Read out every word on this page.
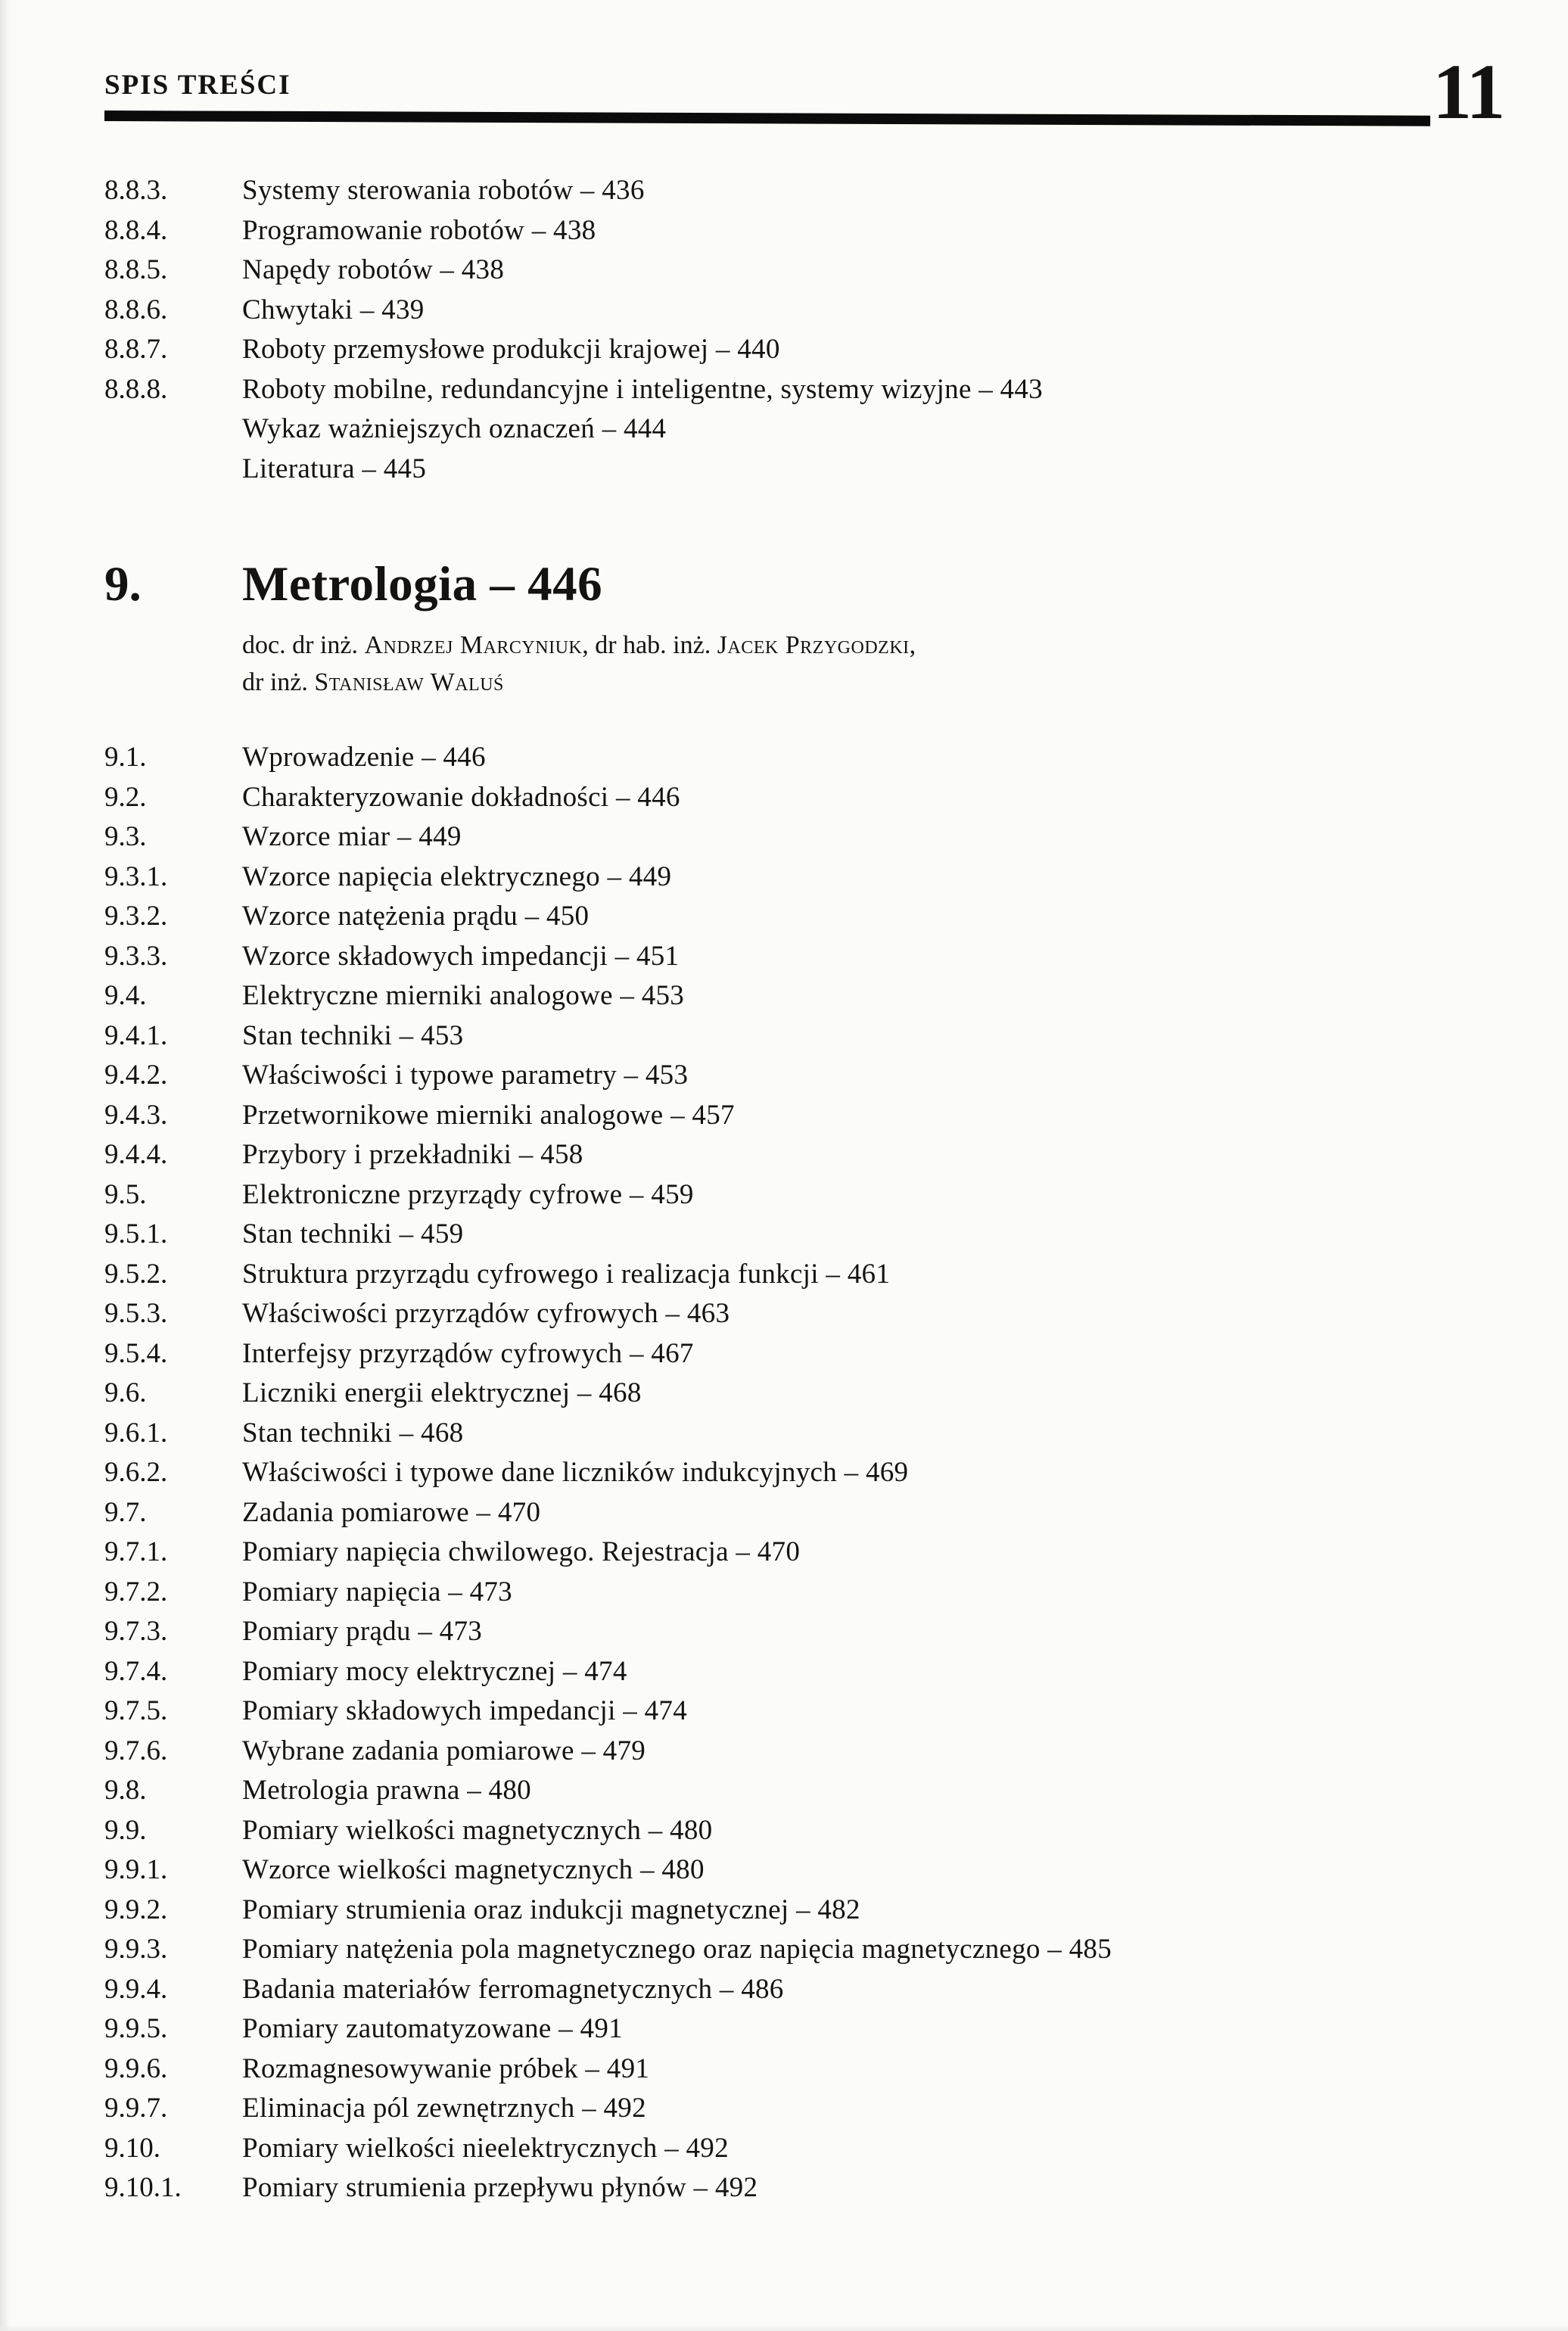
SPIS TREŚCI	11
8.8.3.	Systemy sterowania robotów – 436
8.8.4.	Programowanie robotów – 438
8.8.5.	Napędy robotów – 438
8.8.6.	Chwytaki – 439
8.8.7.	Roboty przemysłowe produkcji krajowej – 440
8.8.8.	Roboty mobilne, redundancyjne i inteligentne, systemy wizyjne – 443
Wykaz ważniejszych oznaczeń – 444
Literatura – 445
9.	Metrologia – 446
doc. dr inż. Andrzej Marcyniuk, dr hab. inż. Jacek Przygodzki,
dr inż. Stanisław Waluś
9.1.	Wprowadzenie – 446
9.2.	Charakteryzowanie dokładności – 446
9.3.	Wzorce miar – 449
9.3.1.	Wzorce napięcia elektrycznego – 449
9.3.2.	Wzorce natężenia prądu – 450
9.3.3.	Wzorce składowych impedancji – 451
9.4.	Elektryczne mierniki analogowe – 453
9.4.1.	Stan techniki – 453
9.4.2.	Właściwości i typowe parametry – 453
9.4.3.	Przetwornikowe mierniki analogowe – 457
9.4.4.	Przybory i przekładniki – 458
9.5.	Elektroniczne przyrządy cyfrowe – 459
9.5.1.	Stan techniki – 459
9.5.2.	Struktura przyrządu cyfrowego i realizacja funkcji – 461
9.5.3.	Właściwości przyrządów cyfrowych – 463
9.5.4.	Interfejsy przyrządów cyfrowych – 467
9.6.	Liczniki energii elektrycznej – 468
9.6.1.	Stan techniki – 468
9.6.2.	Właściwości i typowe dane liczników indukcyjnych – 469
9.7.	Zadania pomiarowe – 470
9.7.1.	Pomiary napięcia chwilowego. Rejestracja – 470
9.7.2.	Pomiary napięcia – 473
9.7.3.	Pomiary prądu – 473
9.7.4.	Pomiary mocy elektrycznej – 474
9.7.5.	Pomiary składowych impedancji – 474
9.7.6.	Wybrane zadania pomiarowe – 479
9.8.	Metrologia prawna – 480
9.9.	Pomiary wielkości magnetycznych – 480
9.9.1.	Wzorce wielkości magnetycznych – 480
9.9.2.	Pomiary strumienia oraz indukcji magnetycznej – 482
9.9.3.	Pomiary natężenia pola magnetycznego oraz napięcia magnetycznego – 485
9.9.4.	Badania materiałów ferromagnetycznych – 486
9.9.5.	Pomiary zautomatyzowane – 491
9.9.6.	Rozmagnesowywanie próbek – 491
9.9.7.	Eliminacja pól zewnętrznych – 492
9.10.	Pomiary wielkości nieelektrycznych – 492
9.10.1.	Pomiary strumienia przepływu płynów – 492
